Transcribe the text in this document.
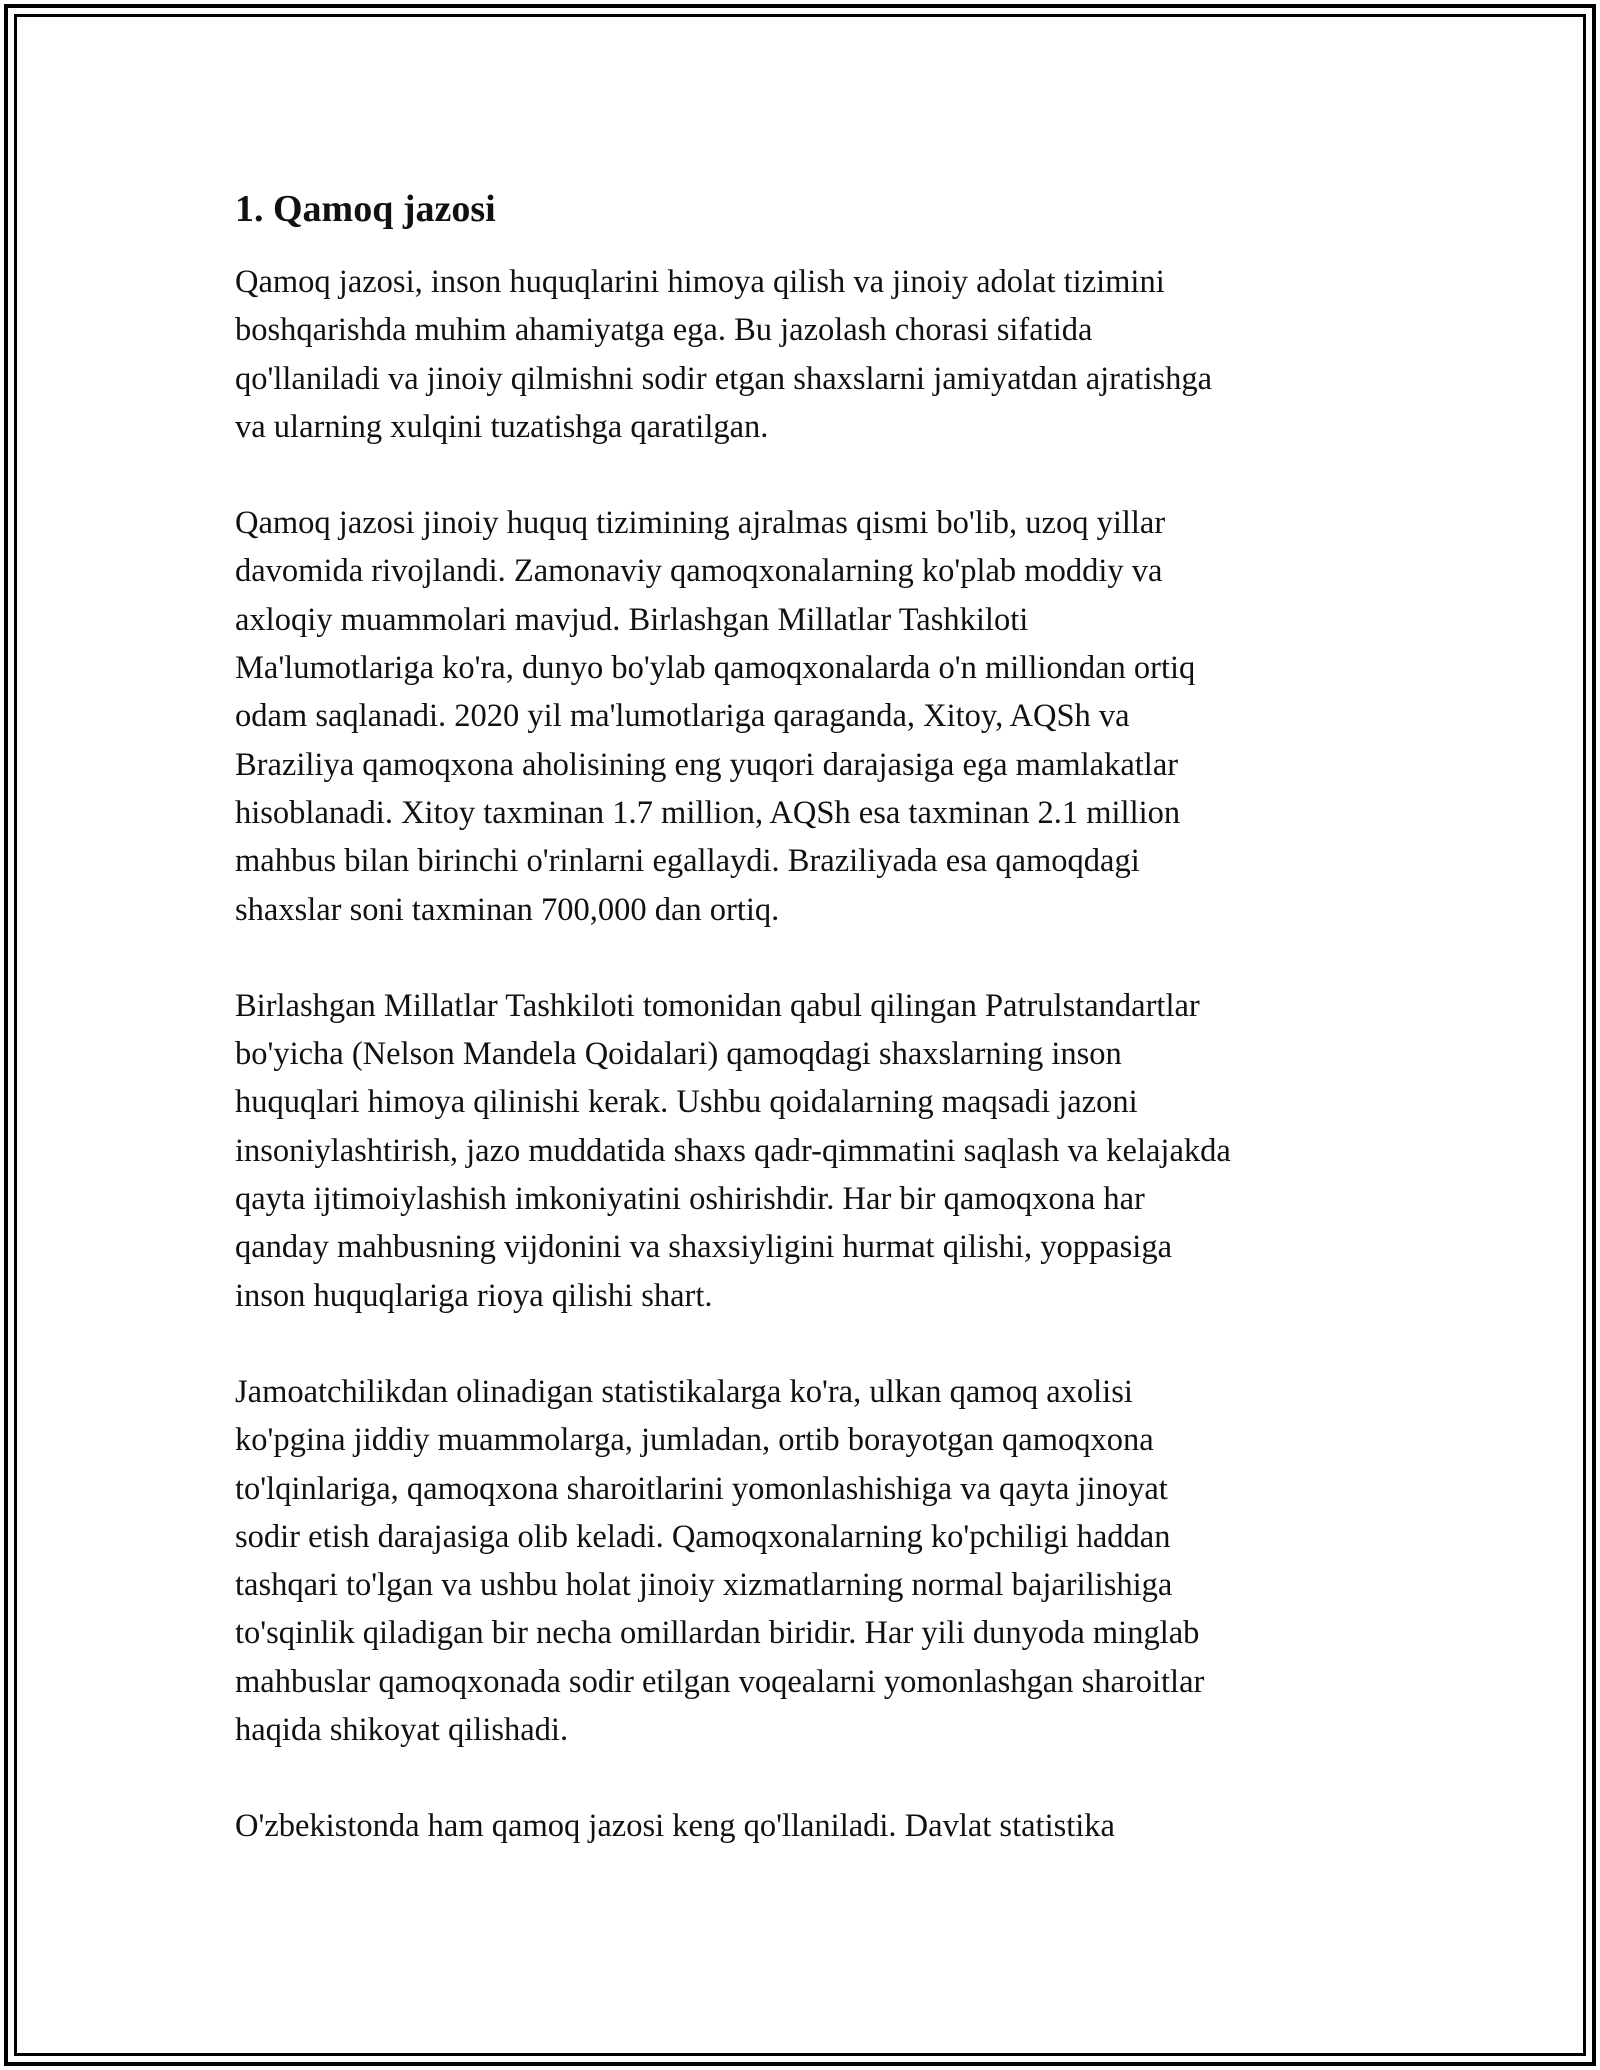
1. Qamoq jazosi
Qamoq jazosi, inson huquqlarini himoya qilish va jinoiy adolat tizimini
boshqarishda muhim ahamiyatga ega. Bu jazolash chorasi sifatida
qo'llaniladi va jinoiy qilmishni sodir etgan shaxslarni jamiyatdan ajratishga
va ularning xulqini tuzatishga qaratilgan.
Qamoq jazosi jinoiy huquq tizimining ajralmas qismi bo'lib, uzoq yillar
davomida rivojlandi. Zamonaviy qamoqxonalarning ko'plab moddiy va
axloqiy muammolari mavjud. Birlashgan Millatlar Tashkiloti
Ma'lumotlariga ko'ra, dunyo bo'ylab qamoqxonalarda o'n milliondan ortiq
odam saqlanadi. 2020 yil ma'lumotlariga qaraganda, Xitoy, AQSh va
Braziliya qamoqxona aholisining eng yuqori darajasiga ega mamlakatlar
hisoblanadi. Xitoy taxminan 1.7 million, AQSh esa taxminan 2.1 million
mahbus bilan birinchi o'rinlarni egallaydi. Braziliyada esa qamoqdagi
shaxslar soni taxminan 700,000 dan ortiq.
Birlashgan Millatlar Tashkiloti tomonidan qabul qilingan Patrulstandartlar
bo'yicha (Nelson Mandela Qoidalari) qamoqdagi shaxslarning inson
huquqlari himoya qilinishi kerak. Ushbu qoidalarning maqsadi jazoni
insoniylashtirish, jazo muddatida shaxs qadr-qimmatini saqlash va kelajakda
qayta ijtimoiylashish imkoniyatini oshirishdir. Har bir qamoqxona har
qanday mahbusning vijdonini va shaxsiyligini hurmat qilishi, yoppasiga
inson huquqlariga rioya qilishi shart.
Jamoatchilikdan olinadigan statistikalarga ko'ra, ulkan qamoq axolisi
ko'pgina jiddiy muammolarga, jumladan, ortib borayotgan qamoqxona
to'lqinlariga, qamoqxona sharoitlarini yomonlashishiga va qayta jinoyat
sodir etish darajasiga olib keladi. Qamoqxonalarning ko'pchiligi haddan
tashqari to'lgan va ushbu holat jinoiy xizmatlarning normal bajarilishiga
to'sqinlik qiladigan bir necha omillardan biridir. Har yili dunyoda minglab
mahbuslar qamoqxonada sodir etilgan voqealarni yomonlashgan sharoitlar
haqida shikoyat qilishadi.
O'zbekistonda ham qamoq jazosi keng qo'llaniladi. Davlat statistika
